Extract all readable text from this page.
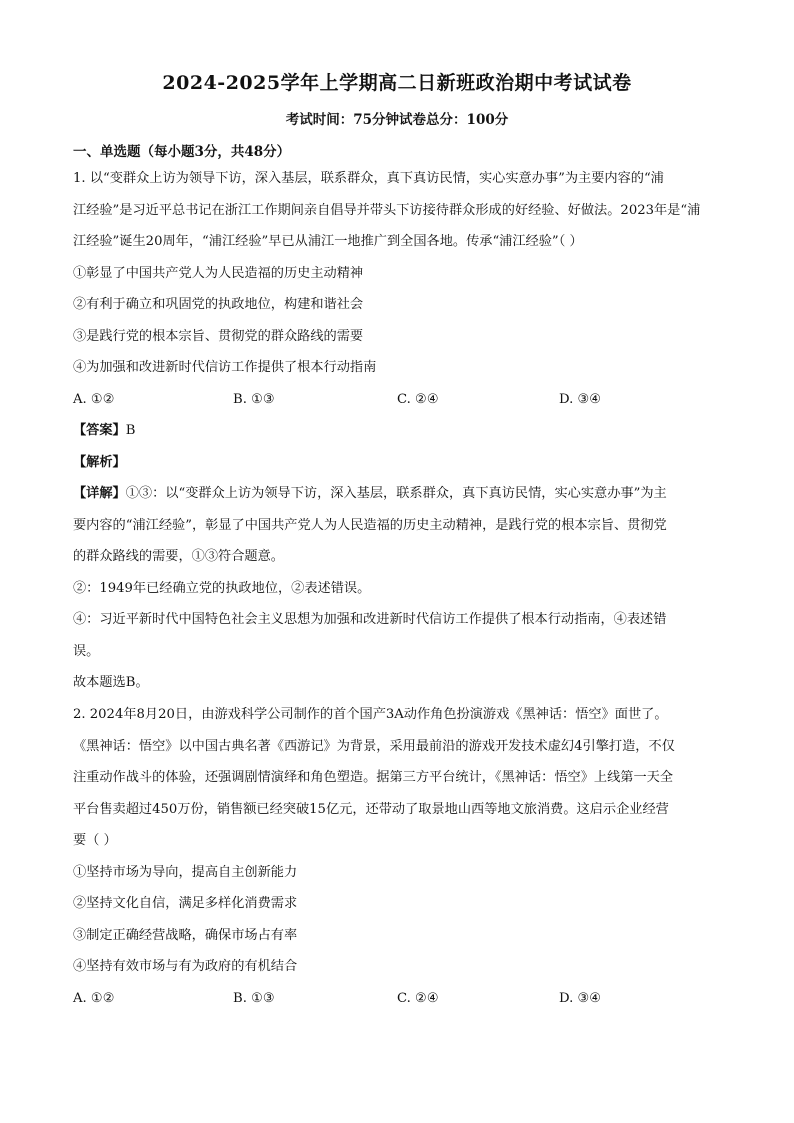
2024-2025学年上学期高二日新班政治期中考试试卷
考试时间：75分钟试卷总分：100分
一、单选题（每小题3分，共48分）
1. 以“变群众上访为领导下访，深入基层，联系群众，真下真访民情，实心实意办事”为主要内容的“浦
江经验”是习近平总书记在浙江工作期间亲自倡导并带头下访接待群众形成的好经验、好做法。2023年是“浦
江经验”诞生20周年，“浦江经验”早已从浦江一地推广到全国各地。传承“浦江经验”（ ）
①彰显了中国共产党人为人民造福的历史主动精神
②有利于确立和巩固党的执政地位，构建和谐社会
③是践行党的根本宗旨、贯彻党的群众路线的需要
④为加强和改进新时代信访工作提供了根本行动指南
A. ①②	B. ①③	C. ②④	D. ③④
【答案】B
【解析】
【详解】①③：以“变群众上访为领导下访，深入基层，联系群众，真下真访民情，实心实意办事”为主
要内容的“浦江经验”，彰显了中国共产党人为人民造福的历史主动精神，是践行党的根本宗旨、贯彻党
的群众路线的需要，①③符合题意。
②：1949年已经确立党的执政地位，②表述错误。
④：习近平新时代中国特色社会主义思想为加强和改进新时代信访工作提供了根本行动指南，④表述错
误。
故本题选B。
2. 2024年8月20日，由游戏科学公司制作的首个国产3A动作角色扮演游戏《黑神话：悟空》面世了。
《黑神话：悟空》以中国古典名著《西游记》为背景，采用最前沿的游戏开发技术虚幻4引擎打造，不仅
注重动作战斗的体验，还强调剧情演绎和角色塑造。据第三方平台统计，《黑神话：悟空》上线第一天全
平台售卖超过450万份，销售额已经突破15亿元，还带动了取景地山西等地文旅消费。这启示企业经营
要（ ）
①坚持市场为导向，提高自主创新能力
②坚持文化自信，满足多样化消费需求
③制定正确经营战略，确保市场占有率
④坚持有效市场与有为政府的有机结合
A. ①②	B. ①③	C. ②④	D. ③④
